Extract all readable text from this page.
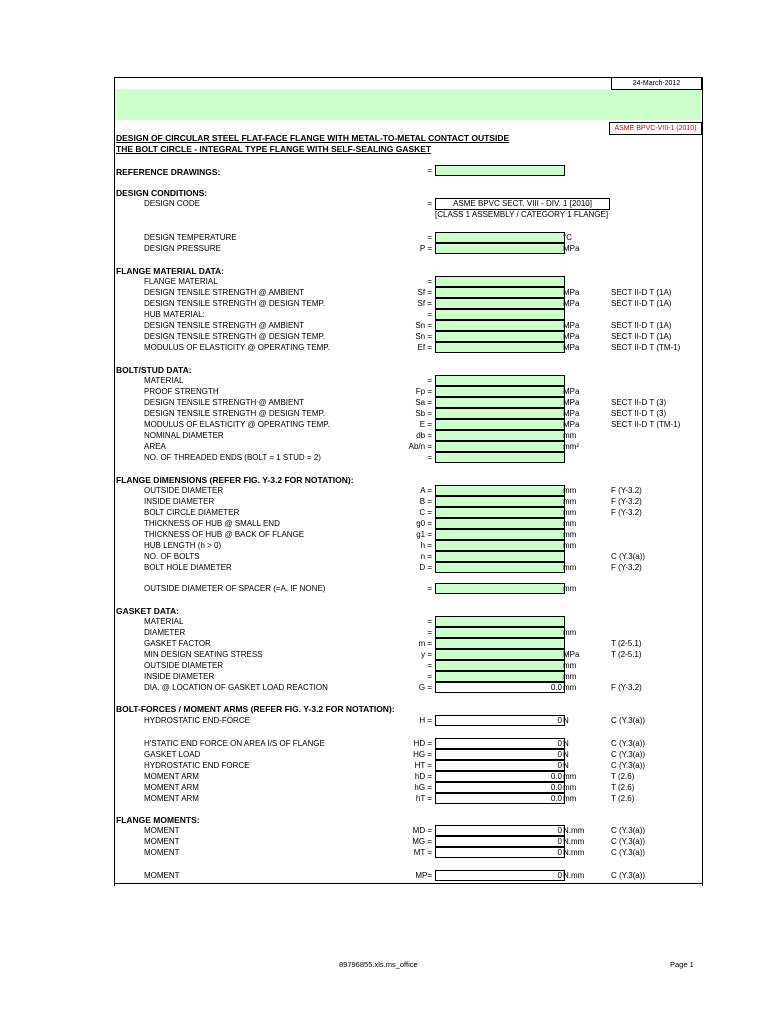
24-March-2012
ASME BPVC-VIII-1 (2010)
DESIGN OF CIRCULAR STEEL FLAT-FACE FLANGE WITH METAL-TO-METAL CONTACT OUTSIDE
THE BOLT CIRCLE - INTEGRAL TYPE FLANGE WITH SELF-SEALING GASKET
REFERENCE DRAWINGS:	=
DESIGN CONDITIONS:
DESIGN CODE	=	ASME BPVC SECT. VIII - DIV. 1 [2010]
[CLASS 1 ASSEMBLY / CATEGORY 1 FLANGE]
DESIGN TEMPERATURE	=	°C
DESIGN PRESSURE	P =	MPa
FLANGE MATERIAL DATA:
FLANGE MATERIAL	=
DESIGN TENSILE STRENGTH @ AMBIENT	Sf =	MPa	SECT II-D T (1A)
DESIGN TENSILE STRENGTH @ DESIGN TEMP.	Sf =	MPa	SECT II-D T (1A)
HUB MATERIAL:	=
DESIGN TENSILE STRENGTH @ AMBIENT	Sn =	MPa	SECT II-D T (1A)
DESIGN TENSILE STRENGTH @ DESIGN TEMP.	Sn =	MPa	SECT II-D T (1A)
MODULUS OF ELASTICITY @ OPERATING TEMP.	Ef =	MPa	SECT II-D T (TM-1)
BOLT/STUD DATA:
MATERIAL	=
PROOF STRENGTH	Fp =	MPa
DESIGN TENSILE STRENGTH @ AMBIENT	Sa =	MPa	SECT II-D T (3)
DESIGN TENSILE STRENGTH @ DESIGN TEMP.	Sb =	MPa	SECT II-D T (3)
MODULUS OF ELASTICITY @ OPERATING TEMP.	E =	MPa	SECT II-D T (TM-1)
NOMINAL DIAMETER	db =	mm
AREA	Ab/n =	mm²
NO. OF THREADED ENDS (BOLT = 1 STUD = 2)	=
FLANGE DIMENSIONS (REFER FIG. Y-3.2 FOR NOTATION):
OUTSIDE DIAMETER	A =	mm	F (Y-3.2)
INSIDE DIAMETER	B =	mm	F (Y-3.2)
BOLT CIRCLE DIAMETER	C =	mm	F (Y-3.2)
THICKNESS OF HUB @ SMALL END	g0 =	mm
THICKNESS OF HUB @ BACK OF FLANGE	g1 =	mm
HUB LENGTH (h > 0)	h =	mm
NO. OF BOLTS	n =	C (Y.3(a))
BOLT HOLE DIAMETER	D =	mm	F (Y-3.2)
OUTSIDE DIAMETER OF SPACER (=A. IF NONE)	=	mm
GASKET DATA:
MATERIAL	=
DIAMETER	=	mm
GASKET FACTOR	m =	T (2-5.1)
MIN DESIGN SEATING STRESS	y =	MPa	T (2-5.1)
OUTSIDE DIAMETER	=	mm
INSIDE DIAMETER	=	mm
DIA. @ LOCATION OF GASKET LOAD REACTION	G =	0.0 mm	F (Y-3.2)
BOLT-FORCES / MOMENT ARMS (REFER FIG. Y-3.2 FOR NOTATION):
HYDROSTATIC END-FORCE	H =	0 N	C (Y.3(a))
H'STATIC END FORCE ON AREA I/S OF FLANGE	HD =	0 N	C (Y.3(a))
GASKET LOAD	HG =	0 N	C (Y.3(a))
HYDROSTATIC END FORCE	HT =	0 N	C (Y.3(a))
MOMENT ARM	hD =	0.0 mm	T (2.6)
MOMENT ARM	hG =	0.0 mm	T (2.6)
MOMENT ARM	hT =	0.0 mm	T (2.6)
FLANGE MOMENTS:
MOMENT	MD =	0 N.mm	C (Y.3(a))
MOMENT	MG =	0 N.mm	C (Y.3(a))
MOMENT	MT =	0 N.mm	C (Y.3(a))
MOMENT	MP=	0 N.mm	C (Y.3(a))
89796855.xls.ms_office	Page 1
